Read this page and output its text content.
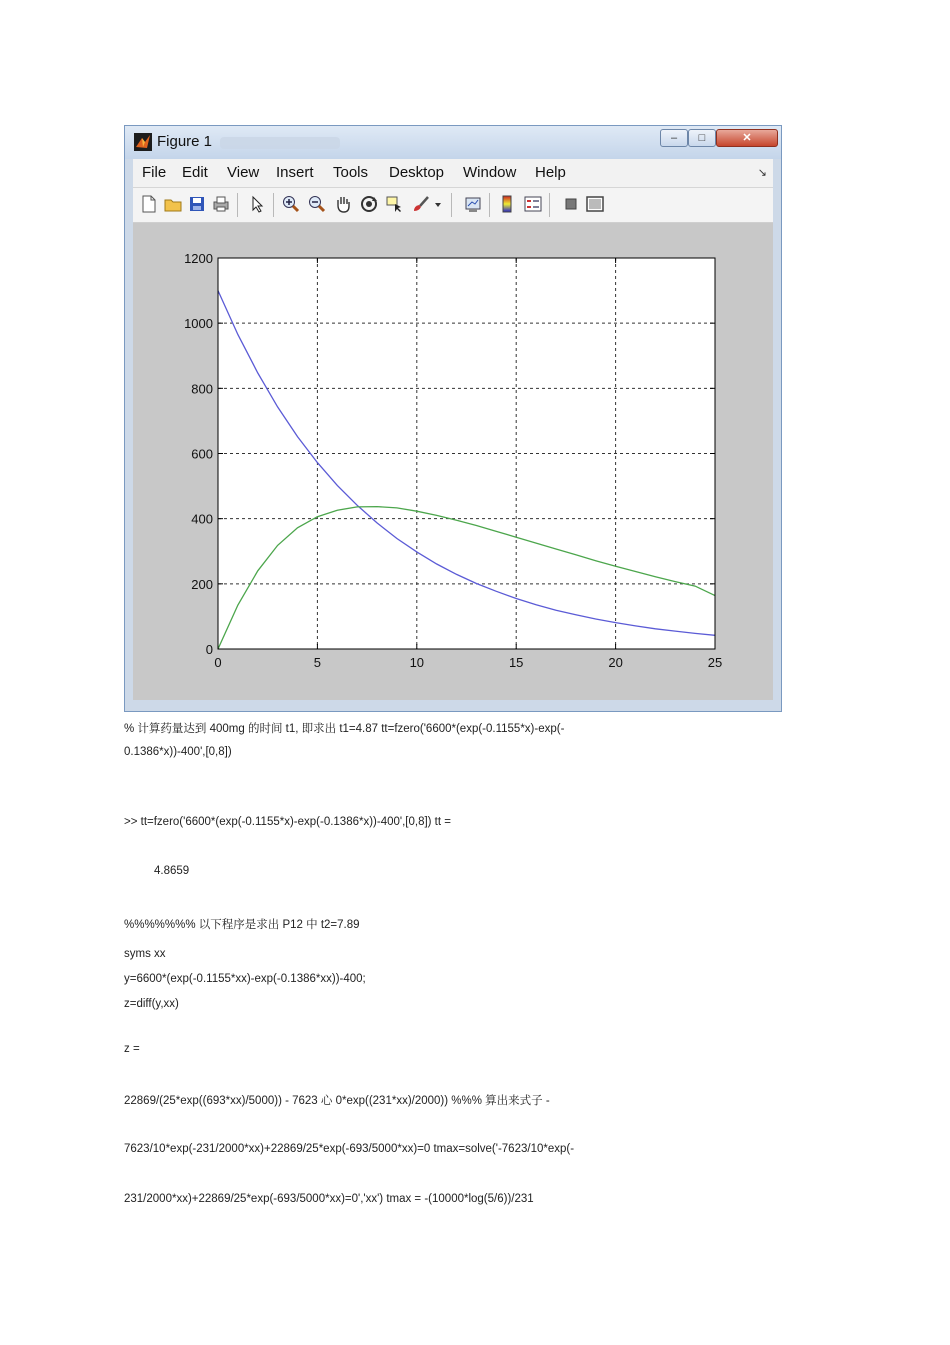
Figure 1	–	□	✕
File Edit View Insert Tools Desktop Window Help	↘
0	5	10	15	20	25
0
200
400
600
800
1000
1200
% 计算药量达到 400mg 的时间 t1, 即求出 t1=4.87 tt=fzero('6600*(exp(-0.1155*x)-exp(-
0.1386*x))-400',[0,8])
>> tt=fzero('6600*(exp(-0.1155*x)-exp(-0.1386*x))-400',[0,8]) tt =
4.8659
%%%%%%% 以下程序是求出 P12 中 t2=7.89
syms xx
y=6600*(exp(-0.1155*xx)-exp(-0.1386*xx))-400;
z=diff(y,xx)
z =
22869/(25*exp((693*xx)/5000)) - 7623 心 0*exp((231*xx)/2000)) %%% 算出来式子 -
7623/10*exp(-231/2000*xx)+22869/25*exp(-693/5000*xx)=0 tmax=solve('-7623/10*exp(-
231/2000*xx)+22869/25*exp(-693/5000*xx)=0','xx') tmax = -(10000*log(5/6))/231
